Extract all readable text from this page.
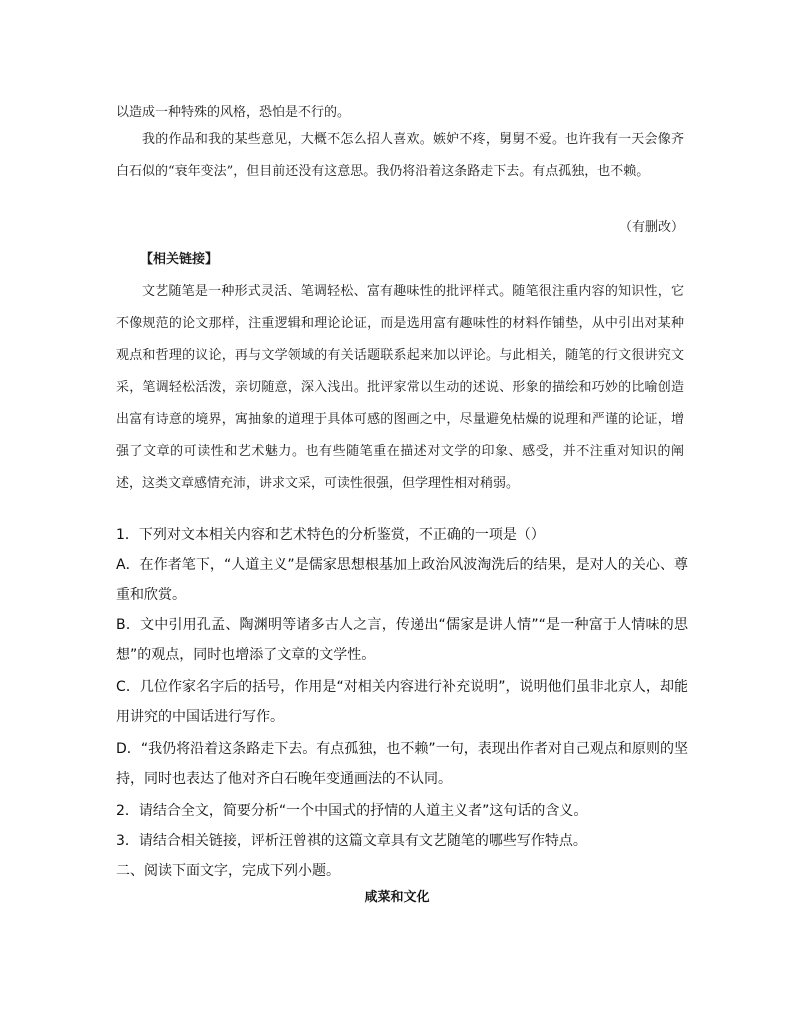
以造成一种特殊的风格，恐怕是不行的。

我的作品和我的某些意见，大概不怎么招人喜欢。嫉妒不疼，舅舅不爱。也许我有一天会像齐白石似的“衰年变法”，但目前还没有这意思。我仍将沿着这条路走下去。有点孤独，也不赖。

（有删改）
【相关链接】

文艺随笔是一种形式灵活、笔调轻松、富有趣味性的批评样式。随笔很注重内容的知识性，它不像规范的论文那样，注重逻辑和理论论证，而是选用富有趣味性的材料作铺垫，从中引出对某种观点和哲理的议论，再与文学领域的有关话题联系起来加以评论。与此相关，随笔的行文很讲究文采，笔调轻松活泼，亲切随意，深入浅出。批评家常以生动的述说、形象的描绘和巧妙的比喻创造出富有诗意的境界，寓抽象的道理于具体可感的图画之中，尽量避免枯燥的说理和严谨的论证，增强了文章的可读性和艺术魅力。也有些随笔重在描述对文学的印象、感受，并不注重对知识的阐述，这类文章感情充沛，讲求文采，可读性很强，但学理性相对稍弱。

1．下列对文本相关内容和艺术特色的分析鉴赏，不正确的一项是（）

A．在作者笔下，“人道主义”是儒家思想根基加上政治风波淘洗后的结果，是对人的关心、尊重和欣赏。

B．文中引用孔孟、陶渊明等诸多古人之言，传递出“儒家是讲人情”“是一种富于人情味的思想”的观点，同时也增添了文章的文学性。

C．几位作家名字后的括号，作用是“对相关内容进行补充说明”，说明他们虽非北京人，却能用讲究的中国话进行写作。

D．“我仍将沿着这条路走下去。有点孤独，也不赖”一句，表现出作者对自己观点和原则的坚持，同时也表达了他对齐白石晚年变通画法的不认同。

2．请结合全文，简要分析“一个中国式的抒情的人道主义者”这句话的含义。

3．请结合相关链接，评析汪曾祺的这篇文章具有文艺随笔的哪些写作特点。

二、阅读下面文字，完成下列小题。

咸菜和文化
